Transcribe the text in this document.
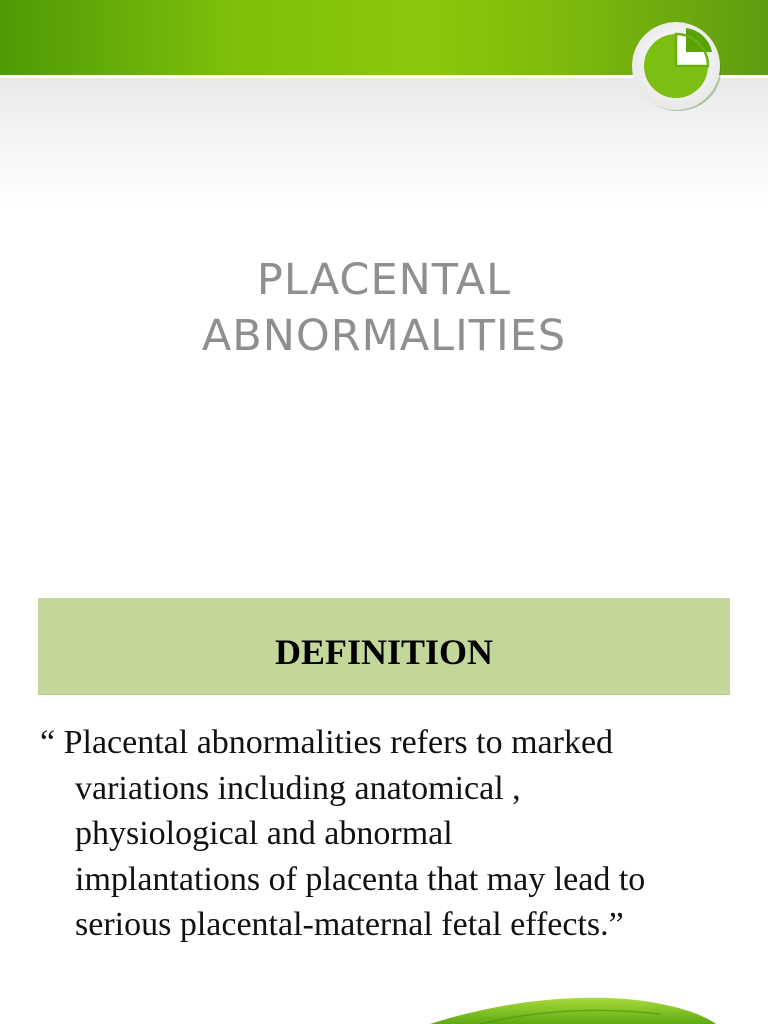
PLACENTAL
ABNORMALITIES
DEFINITION
“ Placental abnormalities refers to marked
variations including anatomical ,
physiological and abnormal
implantations of placenta that may lead to
serious placental-maternal fetal effects.”
